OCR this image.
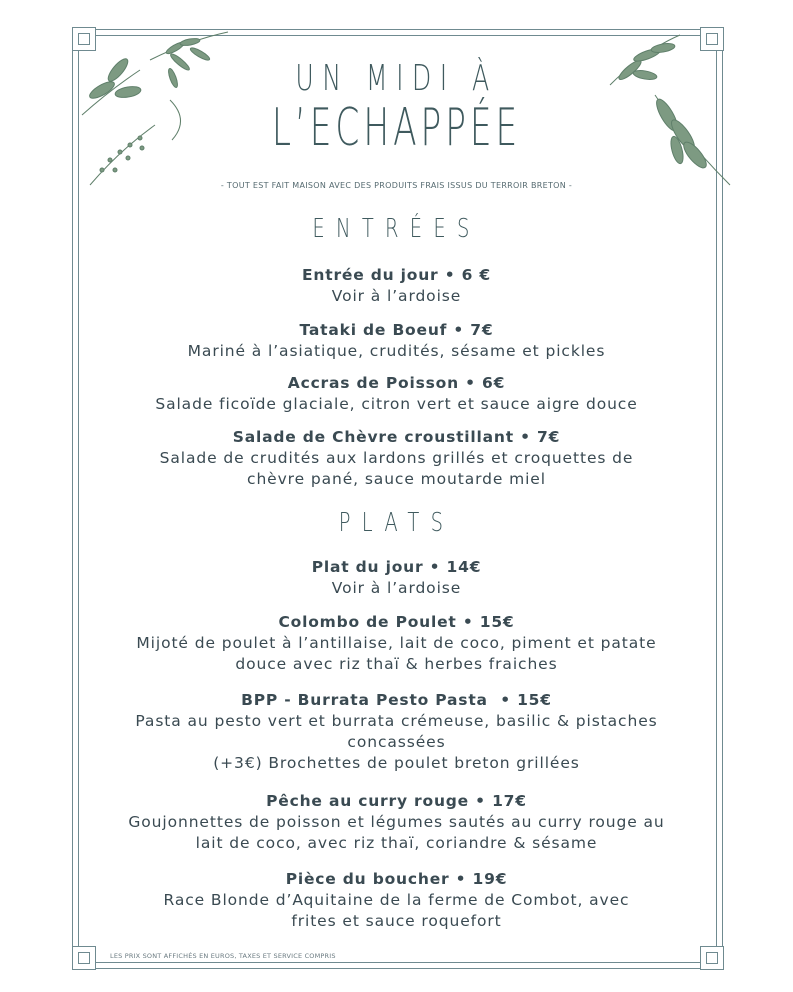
UN MIDI À
L’ECHAPPÉE
- TOUT EST FAIT MAISON AVEC DES PRODUITS FRAIS ISSUS DU TERROIR BRETON -
ENTRÉES
Entrée du jour • 6 €
Voir à l’ardoise
Tataki de Boeuf • 7€
Mariné à l’asiatique, crudités, sésame et pickles
Accras de Poisson • 6€
Salade ficoïde glaciale, citron vert et sauce aigre douce
Salade de Chèvre croustillant • 7€
Salade de crudités aux lardons grillés et croquettes de
chèvre pané, sauce moutarde miel
PLATS
Plat du jour • 14€
Voir à l’ardoise
Colombo de Poulet • 15€
Mijoté de poulet à l’antillaise, lait de coco, piment et patate
douce avec riz thaï & herbes fraiches
BPP - Burrata Pesto Pasta  • 15€
Pasta au pesto vert et burrata crémeuse, basilic & pistaches
concassées
(+3€) Brochettes de poulet breton grillées
Pêche au curry rouge • 17€
Goujonnettes de poisson et légumes sautés au curry rouge au
lait de coco, avec riz thaï, coriandre & sésame
Pièce du boucher • 19€
Race Blonde d’Aquitaine de la ferme de Combot, avec
frites et sauce roquefort
LES PRIX SONT AFFICHÉS EN EUROS, TAXES ET SERVICE COMPRIS
